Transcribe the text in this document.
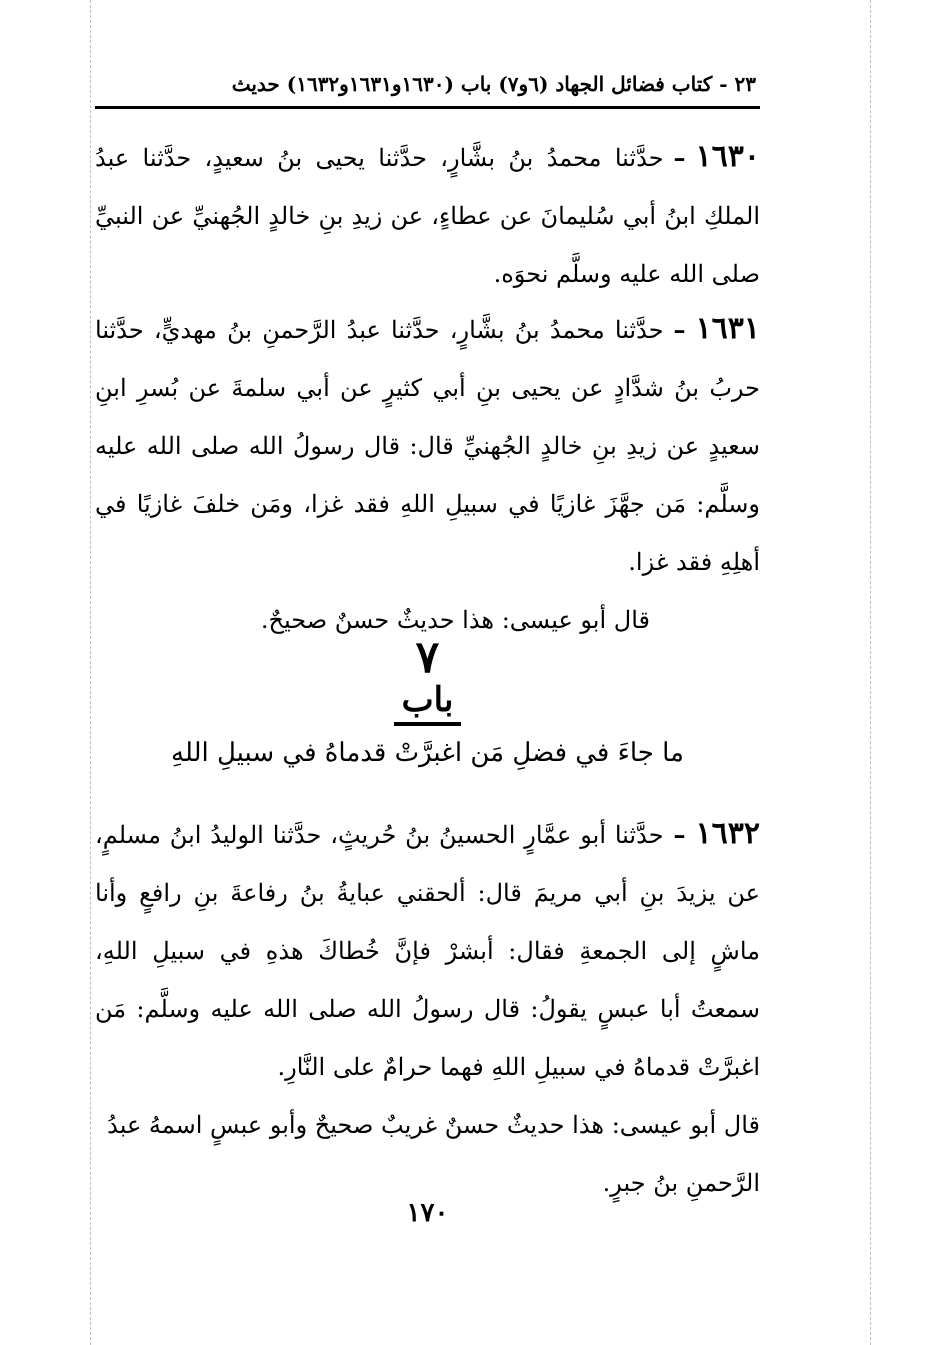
٢٣ - كتاب فضائل الجهاد (٦و٧) باب (١٦٣٠و١٦٣١و١٦٣٢) حديث

١٦٣٠–حدَّثنا محمدُ بنُ بشَّارٍ، حدَّثنا يحيى بنُ سعيدٍ، حدَّثنا عبدُ الملكِ ابنُ أبي سُليمانَ عن عطاءٍ، عن زيدِ بنِ خالدٍ الجُهنيِّ عن النبيِّ صلى الله عليه وسلَّم نحوَه.

١٦٣١–حدَّثنا محمدُ بنُ بشَّارٍ، حدَّثنا عبدُ الرَّحمنِ بنُ مهديٍّ، حدَّثنا حربُ بنُ شدَّادٍ عن يحيى بنِ أبي كثيرٍ عن أبي سلمةَ عن بُسرِ ابنِ سعيدٍ عن زيدِ بنِ خالدٍ الجُهنيِّ قال: قال رسولُ الله صلى الله عليه وسلَّم: مَن جهَّزَ غازيًا في سبيلِ اللهِ فقد غزا، ومَن خلفَ غازيًا في أهلِهِ فقد غزا.

قال أبو عيسى: هذا حديثٌ حسنٌ صحيحٌ.

٧
باب
ما جاءَ في فضلِ مَن اغبرَّتْ قدماهُ في سبيلِ اللهِ

١٦٣٢–حدَّثنا أبو عمَّارٍ الحسينُ بنُ حُريثٍ، حدَّثنا الوليدُ ابنُ مسلمٍ، عن يزيدَ بنِ أبي مريمَ قال: ألحقني عبايةُ بنُ رفاعةَ بنِ رافعٍ وأنا ماشٍ إلى الجمعةِ فقال: أبشرْ فإنَّ خُطاكَ هذهِ في سبيلِ اللهِ، سمعتُ أبا عبسٍ يقولُ: قال رسولُ الله صلى الله عليه وسلَّم: مَن اغبرَّتْ قدماهُ في سبيلِ اللهِ فهما حرامٌ على النَّارِ.

قال أبو عيسى: هذا حديثٌ حسنٌ غريبٌ صحيحٌ وأبو عبسٍ اسمهُ عبدُ الرَّحمنِ بنُ جبرٍ.

١٧٠
